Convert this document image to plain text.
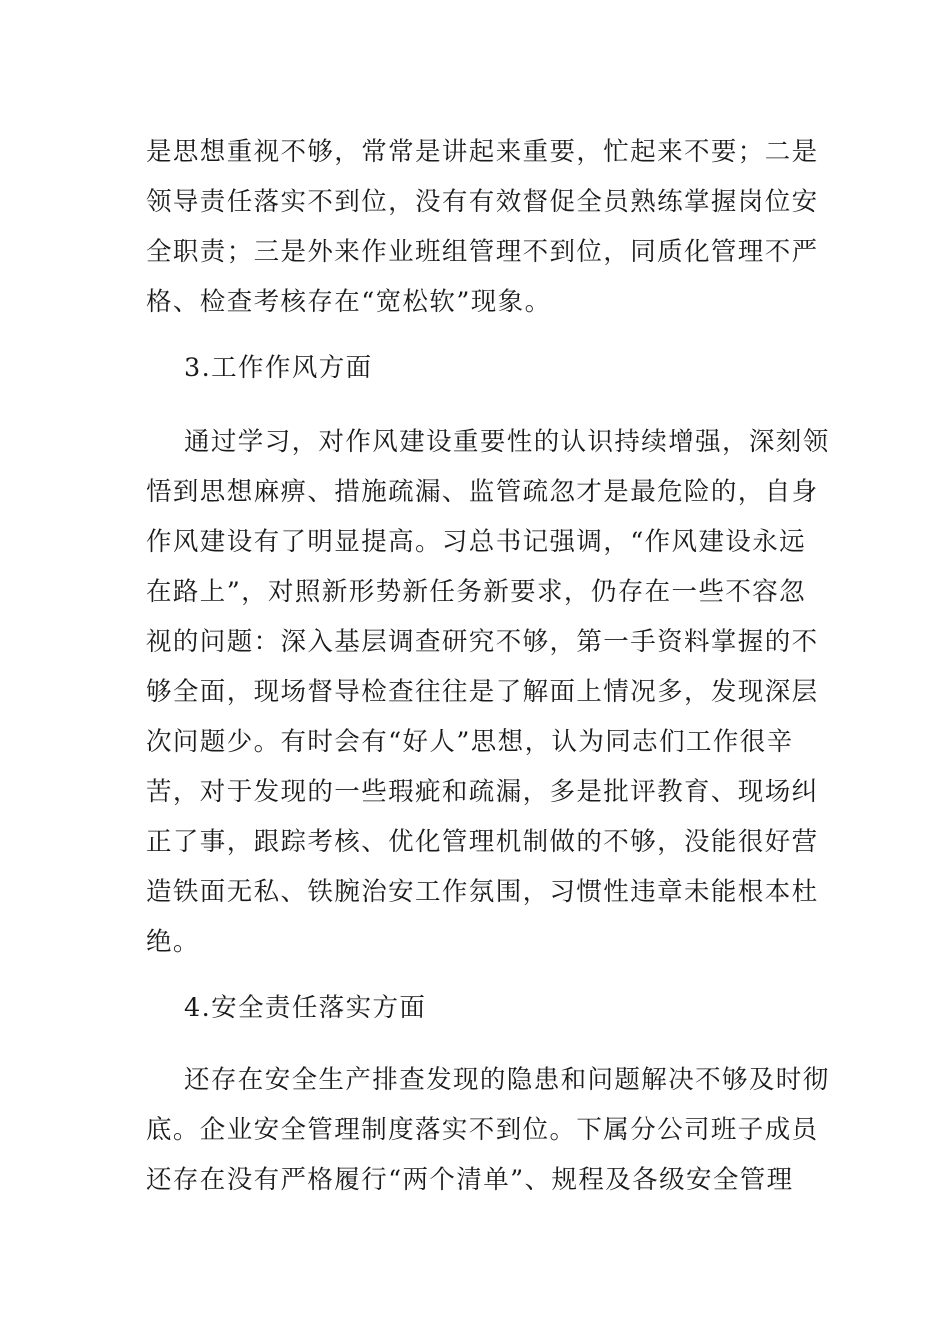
是思想重视不够，常常是讲起来重要，忙起来不要；二是
领导责任落实不到位，没有有效督促全员熟练掌握岗位安
全职责；三是外来作业班组管理不到位，同质化管理不严
格、检查考核存在“宽松软”现象。
3.工作作风方面
通过学习，对作风建设重要性的认识持续增强，深刻领
悟到思想麻痹、措施疏漏、监管疏忽才是最危险的，自身
作风建设有了明显提高。习总书记强调，“作风建设永远
在路上”，对照新形势新任务新要求，仍存在一些不容忽
视的问题：深入基层调查研究不够，第一手资料掌握的不
够全面，现场督导检查往往是了解面上情况多，发现深层
次问题少。有时会有“好人”思想，认为同志们工作很辛
苦，对于发现的一些瑕疵和疏漏，多是批评教育、现场纠
正了事，跟踪考核、优化管理机制做的不够，没能很好营
造铁面无私、铁腕治安工作氛围，习惯性违章未能根本杜
绝。
4.安全责任落实方面
还存在安全生产排查发现的隐患和问题解决不够及时彻
底。企业安全管理制度落实不到位。下属分公司班子成员
还存在没有严格履行“两个清单”、规程及各级安全管理
